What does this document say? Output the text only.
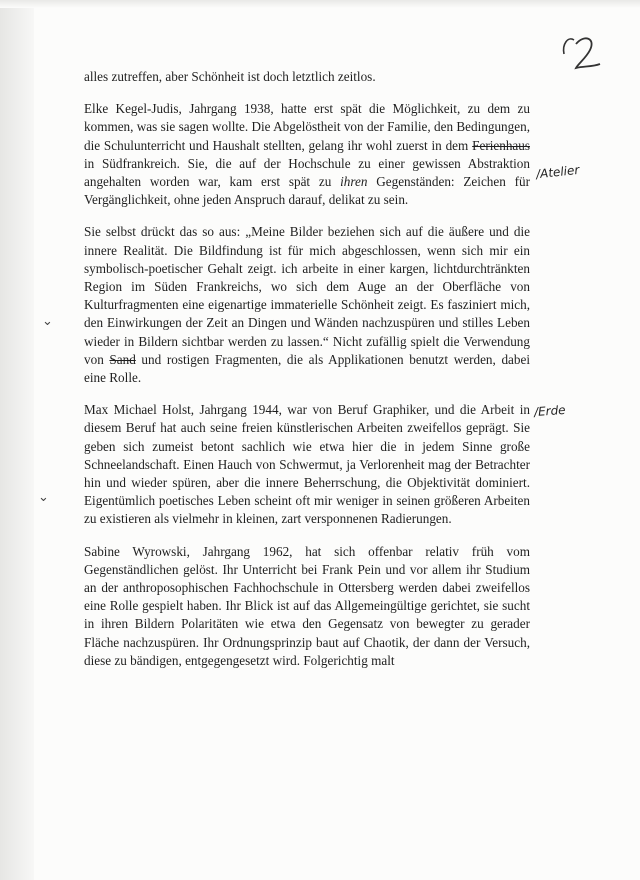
alles zutreffen, aber Schönheit ist doch letztlich zeitlos.

Elke Kegel-Judis, Jahrgang 1938, hatte erst spät die Möglichkeit, zu dem zu kommen, was sie sagen wollte. Die Abgelöstheit von der Familie, den Bedingungen, die Schulunterricht und Haushalt stellten, gelang ihr wohl zuerst in dem Ferienhaus in Südfrankreich. Sie, die auf der Hochschule zu einer gewissen Abstraktion angehalten worden war, kam erst spät zu ihren Gegenständen: Zeichen für Vergänglichkeit, ohne jeden Anspruch darauf, delikat zu sein.

Sie selbst drückt das so aus: „Meine Bilder beziehen sich auf die äußere und die innere Realität. Die Bildfindung ist für mich abgeschlossen, wenn sich mir ein symbolisch-poetischer Gehalt zeigt. ich arbeite in einer kargen, lichtdurchtränkten Region im Süden Frankreichs, wo sich dem Auge an der Oberfläche von Kulturfragmenten eine eigenartige immaterielle Schönheit zeigt. Es fasziniert mich, den Einwirkungen der Zeit an Dingen und Wänden nachzuspüren und stilles Leben wieder in Bildern sichtbar werden zu lassen.“ Nicht zufällig spielt die Verwendung von Sand und rostigen Fragmenten, die als Applikationen benutzt werden, dabei eine Rolle.

Max Michael Holst, Jahrgang 1944, war von Beruf Graphiker, und die Arbeit in diesem Beruf hat auch seine freien künstlerischen Arbeiten zweifellos geprägt. Sie geben sich zumeist betont sachlich wie etwa hier die in jedem Sinne große Schneelandschaft. Einen Hauch von Schwermut, ja Verlorenheit mag der Betrachter hin und wieder spüren, aber die innere Beherrschung, die Objektivität dominiert. Eigentümlich poetisches Leben scheint oft mir weniger in seinen größeren Arbeiten zu existieren als vielmehr in kleinen, zart versponnenen Radierungen.

Sabine Wyrowski, Jahrgang 1962, hat sich offenbar relativ früh vom Gegenständlichen gelöst. Ihr Unterricht bei Frank Pein und vor allem ihr Studium an der anthroposophischen Fachhochschule in Ottersberg werden dabei zweifellos eine Rolle gespielt haben. Ihr Blick ist auf das Allgemeingültige gerichtet, sie sucht in ihren Bildern Polaritäten wie etwa den Gegensatz von bewegter zu gerader Fläche nachzuspüren. Ihr Ordnungsprinzip baut auf Chaotik, der dann der Versuch, diese zu bändigen, entgegengesetzt wird. Folgerichtig malt

/Atelier
/Erde
⌄
⌄
